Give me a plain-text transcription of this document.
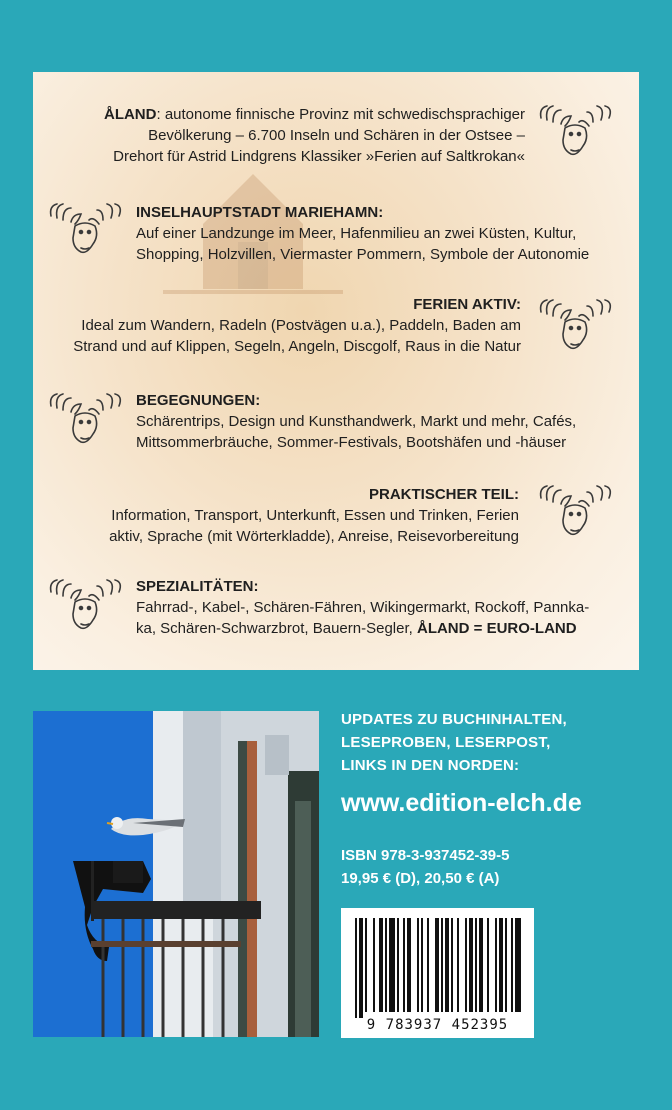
ÅLAND: autonome finnische Provinz mit schwedischsprachiger
Bevölkerung – 6.700 Inseln und Schären in der Ostsee –
Drehort für Astrid Lindgrens Klassiker »Ferien auf Saltkrokan«
INSELHAUPTSTADT MARIEHAMN:
Auf einer Landzunge im Meer, Hafenmilieu an zwei Küsten, Kultur,
Shopping, Holzvillen, Viermaster Pommern, Symbole der Autonomie
FERIEN AKTIV:
Ideal zum Wandern, Radeln (Postvägen u.a.), Paddeln, Baden am
Strand und auf Klippen, Segeln, Angeln, Discgolf, Raus in die Natur
BEGEGNUNGEN:
Schärentrips, Design und Kunsthandwerk, Markt und mehr, Cafés,
Mittsommerbräuche, Sommer-Festivals, Bootshäfen und -häuser
PRAKTISCHER TEIL:
Information, Transport, Unterkunft, Essen und Trinken, Ferien
aktiv, Sprache (mit Wörterkladde), Anreise, Reisevorbereitung
SPEZIALITÄTEN:
Fahrrad-, Kabel-, Schären-Fähren, Wikingermarkt, Rockoff, Pannka-
ka, Schären-Schwarzbrot, Bauern-Segler, ÅLAND = EURO-LAND
UPDATES ZU BUCHINHALTEN,
LESEPROBEN, LESERPOST,
LINKS IN DEN NORDEN:
www.edition-elch.de
ISBN 978-3-937452-39-5
19,95 € (D), 20,50 € (A)
9 783937 452395
